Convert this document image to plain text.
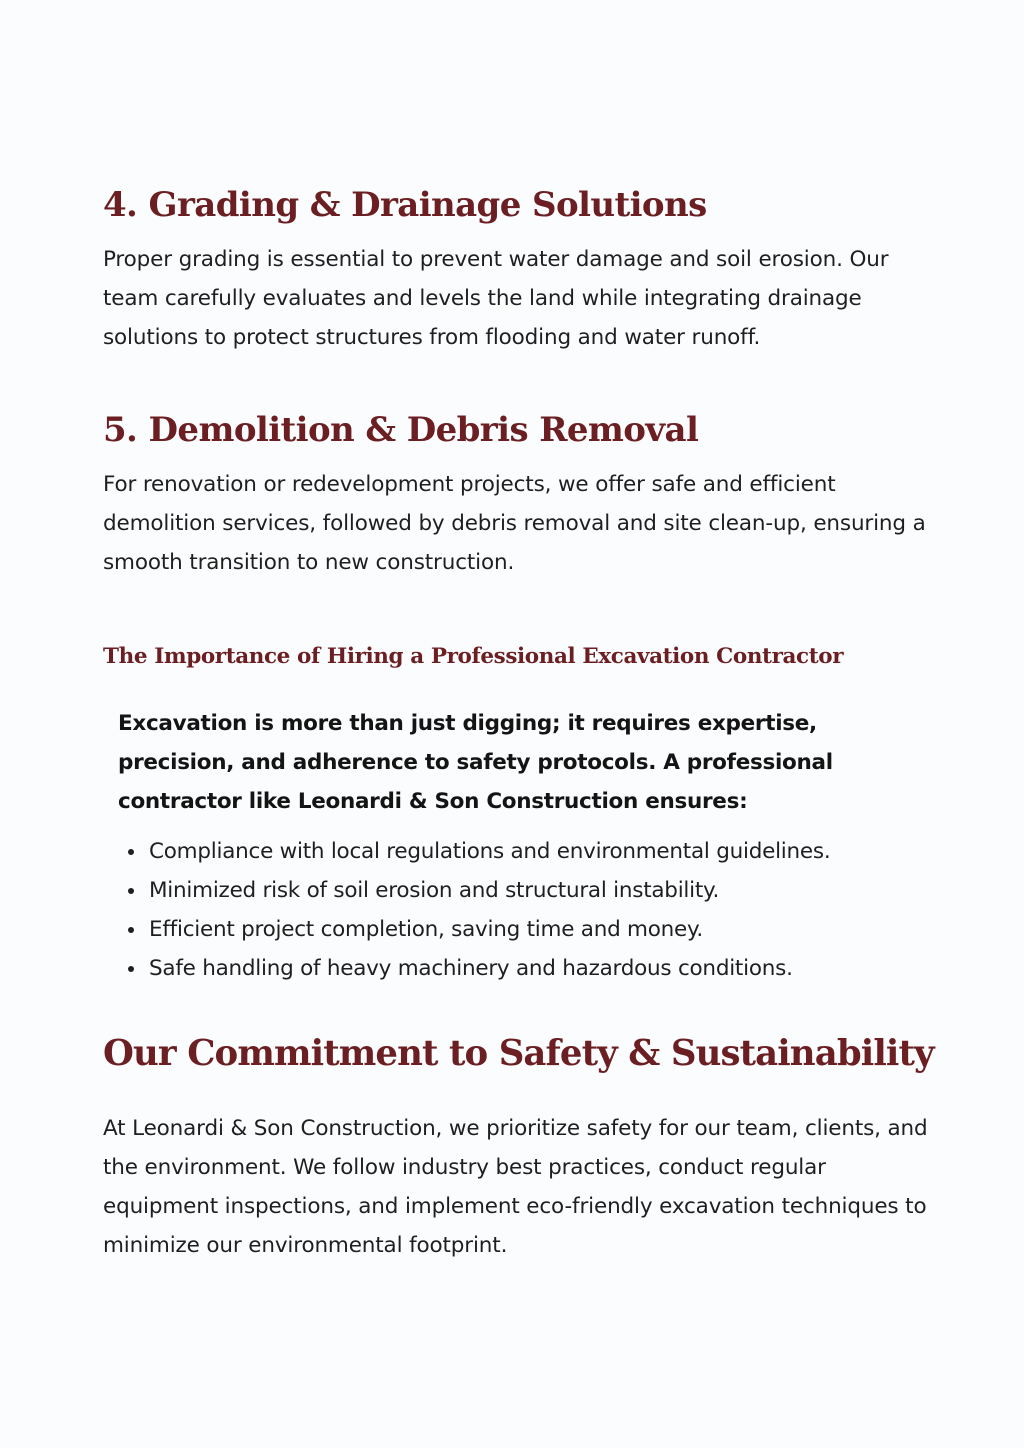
4. Grading & Drainage Solutions

Proper grading is essential to prevent water damage and soil erosion. Our team carefully evaluates and levels the land while integrating drainage solutions to protect structures from flooding and water runoff.

5. Demolition & Debris Removal

For renovation or redevelopment projects, we offer safe and efficient demolition services, followed by debris removal and site clean-up, ensuring a smooth transition to new construction.

The Importance of Hiring a Professional Excavation Contractor

Excavation is more than just digging; it requires expertise, precision, and adherence to safety protocols. A professional contractor like Leonardi & Son Construction ensures:

Compliance with local regulations and environmental guidelines.
Minimized risk of soil erosion and structural instability.
Efficient project completion, saving time and money.
Safe handling of heavy machinery and hazardous conditions.
Our Commitment to Safety & Sustainability

At Leonardi & Son Construction, we prioritize safety for our team, clients, and the environment. We follow industry best practices, conduct regular equipment inspections, and implement eco-friendly excavation techniques to minimize our environmental footprint.
